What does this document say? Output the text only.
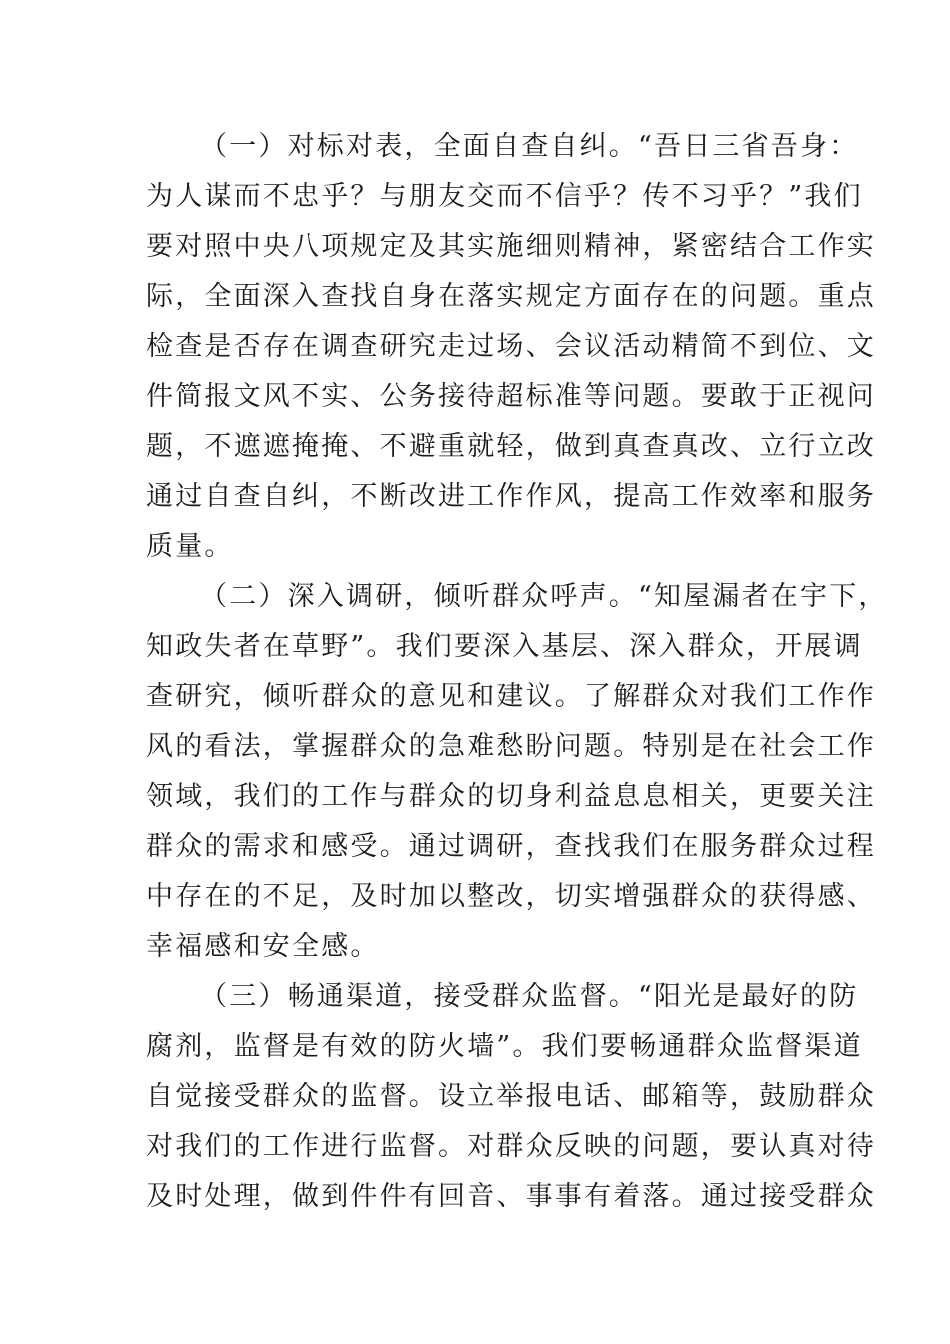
（一）对标对表，全面自查自纠。“吾日三省吾身：
为人谋而不忠乎？与朋友交而不信乎？传不习乎？”我们
要对照中央八项规定及其实施细则精神，紧密结合工作实
际，全面深入查找自身在落实规定方面存在的问题。重点
检查是否存在调查研究走过场、会议活动精简不到位、文
件简报文风不实、公务接待超标准等问题。要敢于正视问
题，不遮遮掩掩、不避重就轻，做到真查真改、立行立改
通过自查自纠，不断改进工作作风，提高工作效率和服务
质量。
（二）深入调研，倾听群众呼声。“知屋漏者在宇下，
知政失者在草野”。我们要深入基层、深入群众，开展调
查研究，倾听群众的意见和建议。了解群众对我们工作作
风的看法，掌握群众的急难愁盼问题。特别是在社会工作
领域，我们的工作与群众的切身利益息息相关，更要关注
群众的需求和感受。通过调研，查找我们在服务群众过程
中存在的不足，及时加以整改，切实增强群众的获得感、
幸福感和安全感。
（三）畅通渠道，接受群众监督。“阳光是最好的防
腐剂，监督是有效的防火墙”。我们要畅通群众监督渠道
自觉接受群众的监督。设立举报电话、邮箱等，鼓励群众
对我们的工作进行监督。对群众反映的问题，要认真对待
及时处理，做到件件有回音、事事有着落。通过接受群众
